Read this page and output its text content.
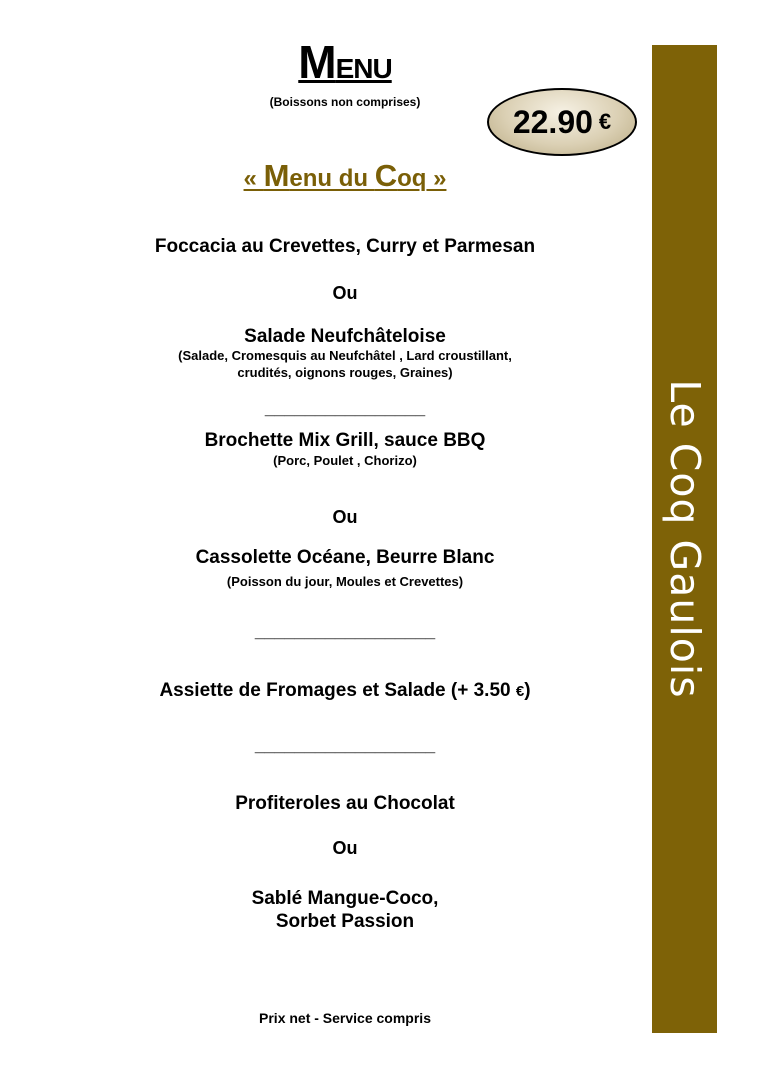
MENU
(Boissons non comprises)
22.90 €
« Menu du Coq »
Foccacia au Crevettes, Curry et Parmesan
Ou
Salade Neufchâteloise
(Salade, Cromesquis au Neufchâtel , Lard croustillant,
crudités, oignons rouges, Graines)
________________
Brochette Mix Grill, sauce BBQ
(Porc, Poulet , Chorizo)
Ou
Cassolette Océane, Beurre Blanc
(Poisson du jour, Moules et Crevettes)
__________________
Assiette de Fromages et Salade (+ 3.50 €)
__________________
Profiteroles au Chocolat
Ou
Sablé Mangue-Coco,
Sorbet Passion
Prix net - Service compris
Le Coq Gaulois
